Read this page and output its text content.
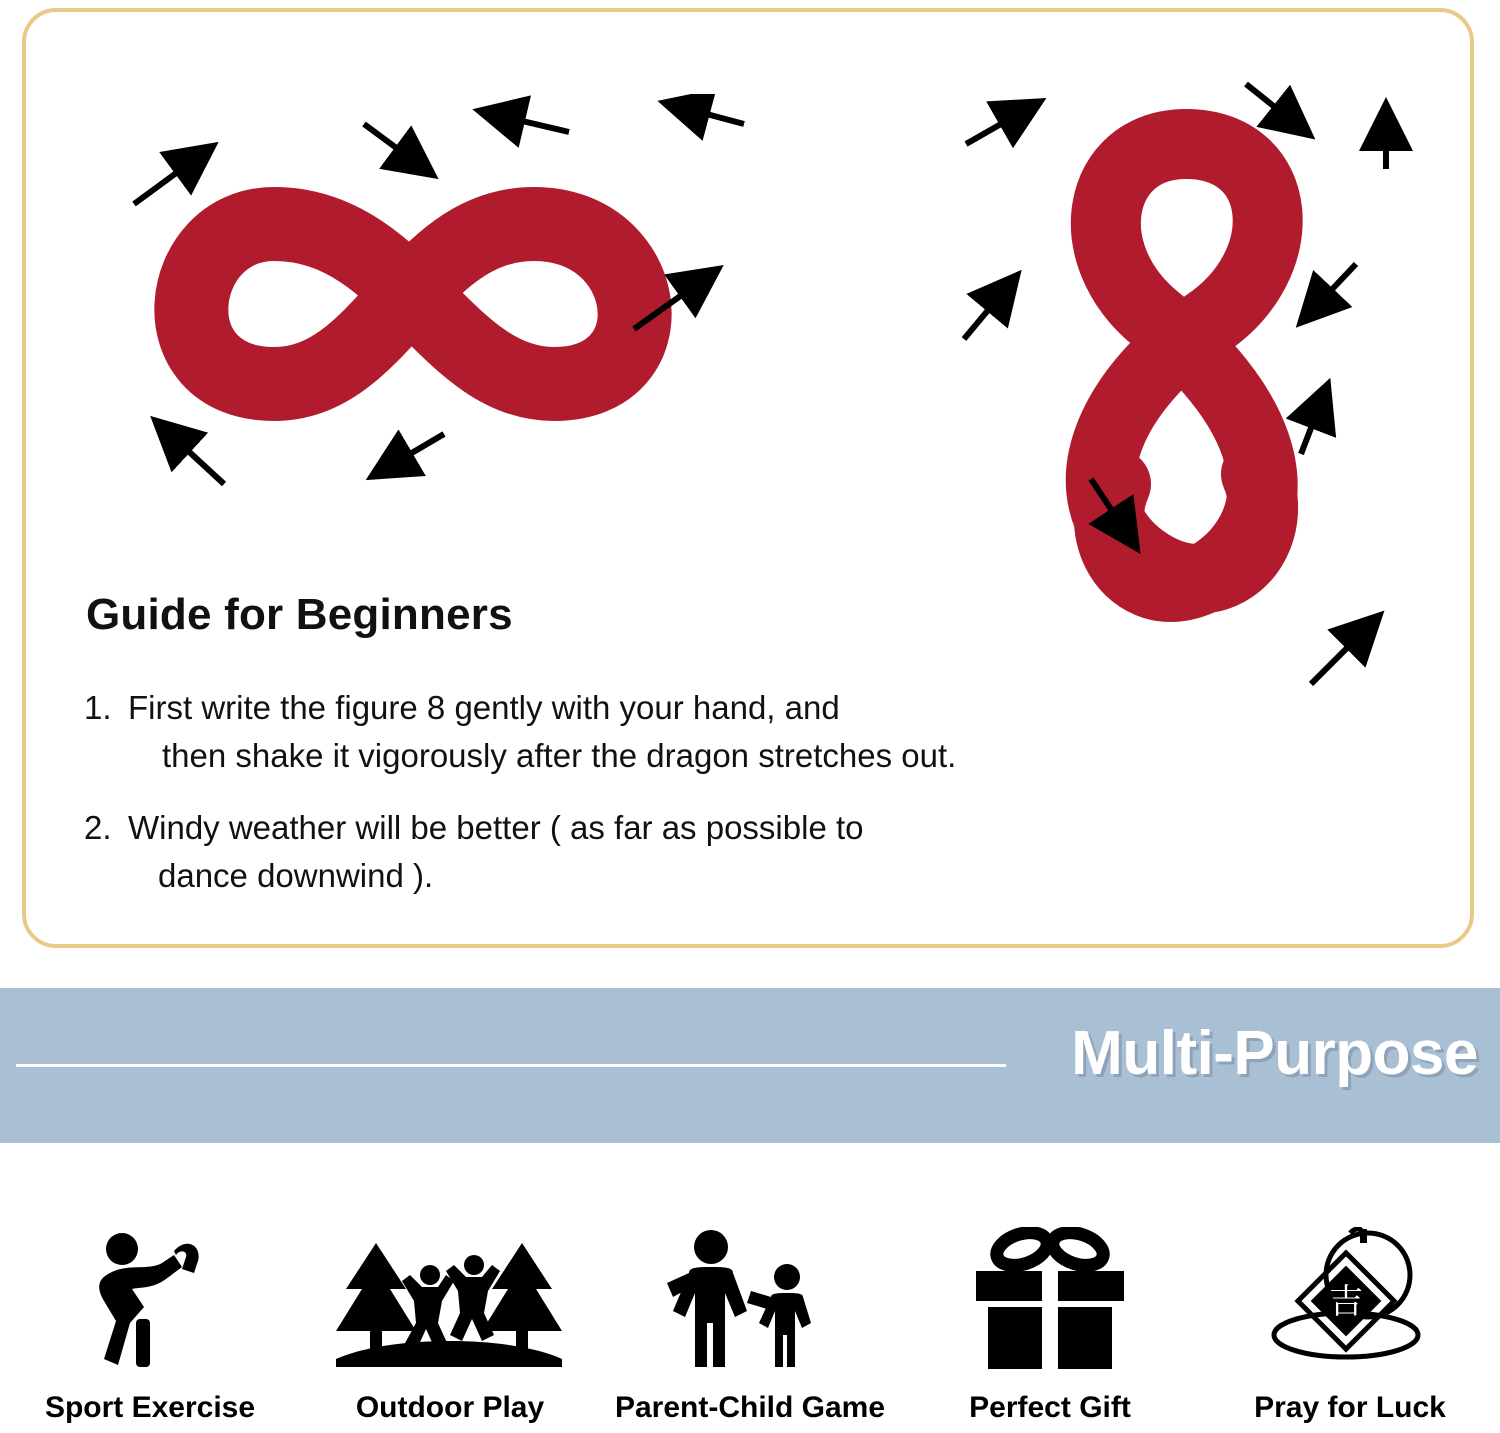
Guide for Beginners
1. First write the figure 8 gently with your hand, and
then shake it vigorously after the dragon stretches out.
2. Windy weather will be better ( as far as possible to
dance downwind ).
Multi-Purpose
Sport Exercise	Outdoor Play Parent-Child Game	Perfect Gift
吉
Pray for Luck
